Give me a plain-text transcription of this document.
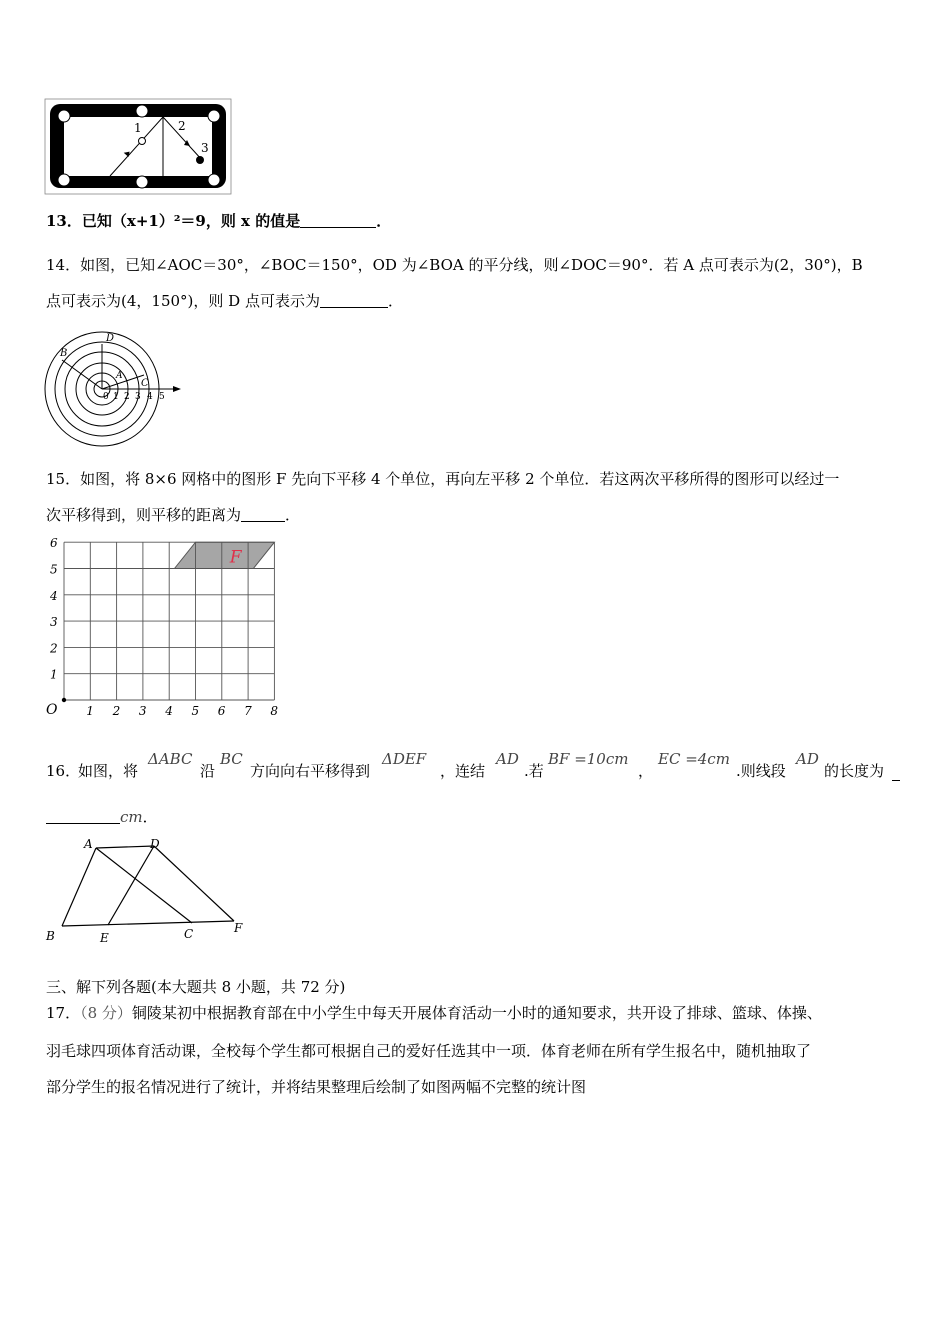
1	2
3
13．已知（x+1）²＝9，则 x 的值是	．
14．如图，已知∠AOC＝30°，∠BOC＝150°，OD 为∠BOA 的平分线，则∠DOC＝90°．若 A 点可表示为(2，30°)，B
点可表示为(4，150°)，则 D 点可表示为	．
D
B
A
C
0 1 2 3 4 5
15．如图，将 8×6 网格中的图形 F 先向下平移 4 个单位，再向左平移 2 个单位．若这两次平移所得的图形可以经过一
次平移得到，则平移的距离为	．
F
O 1 2 3 4 5 6 7 8
1
2
3
4
5
6
16．
如图，将
ΔABC
沿
BC
方向向右平移得到
ΔDEF
，连结
AD
.若
BF =10cm
，
EC =4cm
.则线段
AD
的长度为
cm．
A	D
B	E	C	F
三、解下列各题(本大题共 8 小题，共 72 分)
17．（8 分）铜陵某初中根据教育部在中小学生中每天开展体育活动一小时的通知要求，共开设了排球、篮球、体操、
羽毛球四项体育活动课，全校每个学生都可根据自己的爱好任选其中一项．体育老师在所有学生报名中，随机抽取了
部分学生的报名情况进行了统计，并将结果整理后绘制了如图两幅不完整的统计图
